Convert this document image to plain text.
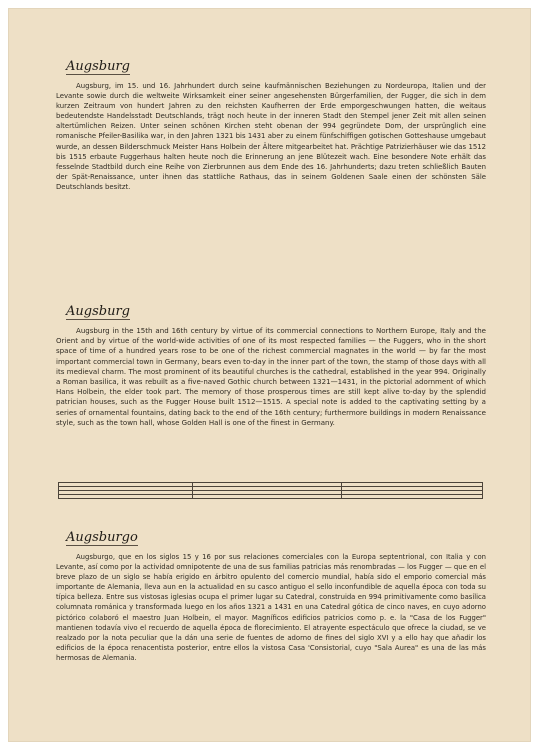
Augsburg

Augsburg, im 15. und 16. Jahrhundert durch seine kaufmännischen Beziehungen zu Nordeuropa, Italien und der Levante sowie durch die weltweite Wirksamkeit einer seiner angesehensten Bürgerfamilien, der Fugger, die sich in dem kurzen Zeitraum von hundert Jahren zu den reichsten Kaufherren der Erde emporgeschwungen hatten, die weitaus bedeutendste Handelsstadt Deutschlands, trägt noch heute in der inneren Stadt den Stempel jener Zeit mit allen seinen altertümlichen Reizen. Unter seinen schönen Kirchen steht obenan der 994 gegründete Dom, der ursprünglich eine romanische Pfeiler-Basilika war, in den Jahren 1321 bis 1431 aber zu einem fünfschiffigen gotischen Gotteshause umgebaut wurde, an dessen Bilderschmuck Meister Hans Holbein der Ältere mitgearbeitet hat. Prächtige Patrizierhäuser wie das 1512 bis 1515 erbaute Fuggerhaus halten heute noch die Erinnerung an jene Blütezeit wach. Eine besondere Note erhält das fesselnde Stadtbild durch eine Reihe von Zierbrunnen aus dem Ende des 16. Jahrhunderts; dazu treten schließlich Bauten der Spät-Renaissance, unter ihnen das stattliche Rathaus, das in seinem Goldenen Saale einen der schönsten Säle Deutschlands besitzt.

Augsburg

Augsburg in the 15th and 16th century by virtue of its commercial connections to Northern Europe, Italy and the Orient and by virtue of the world-wide activities of one of its most respected families — the Fuggers, who in the short space of time of a hundred years rose to be one of the richest commercial magnates in the world — by far the most important commercial town in Germany, bears even to-day in the inner part of the town, the stamp of those days with all its medieval charm. The most prominent of its beautiful churches is the cathedral, established in the year 994. Originally a Roman basilica, it was rebuilt as a five-naved Gothic church between 1321—1431, in the pictorial adornment of which Hans Holbein, the elder took part. The memory of those prosperous times are still kept alive to-day by the splendid patrician houses, such as the Fugger House built 1512—1515. A special note is added to the captivating setting by a series of ornamental fountains, dating back to the end of the 16th century; furthermore buildings in modern Renaissance style, such as the town hall, whose Golden Hall is one of the finest in Germany.

Augsburgo

Augsburgo, que en los siglos 15 y 16 por sus relaciones comerciales con la Europa septentrional, con Italia y con Levante, así como por la actividad omnipotente de una de sus familias patricias más renombradas — los Fugger — que en el breve plazo de un siglo se había erigido en árbitro opulento del comercio mundial, había sido el emporio comercial más importante de Alemania, lleva aun en la actualidad en su casco antiguo el sello inconfundible de aquella época con toda su típica belleza. Entre sus vistosas iglesias ocupa el primer lugar su Catedral, construida en 994 primitivamente como basílica columnata románica y transformada luego en los años 1321 a 1431 en una Catedral gótica de cinco naves, en cuyo adorno pictórico colaboró el maestro Juan Holbein, el mayor. Magníficos edificios patricios como p. e. la "Casa de los Fugger" mantienen todavía vivo el recuerdo de aquella época de florecimiento. El atrayente espectáculo que ofrece la ciudad, se ve realzado por la nota peculiar que la dán una serie de fuentes de adorno de fines del siglo XVI y a ello hay que añadir los edificios de la época renacentista posterior, entre ellos la vistosa Casa 'Consistorial, cuyo "Sala Aurea" es una de las más hermosas de Alemania.
